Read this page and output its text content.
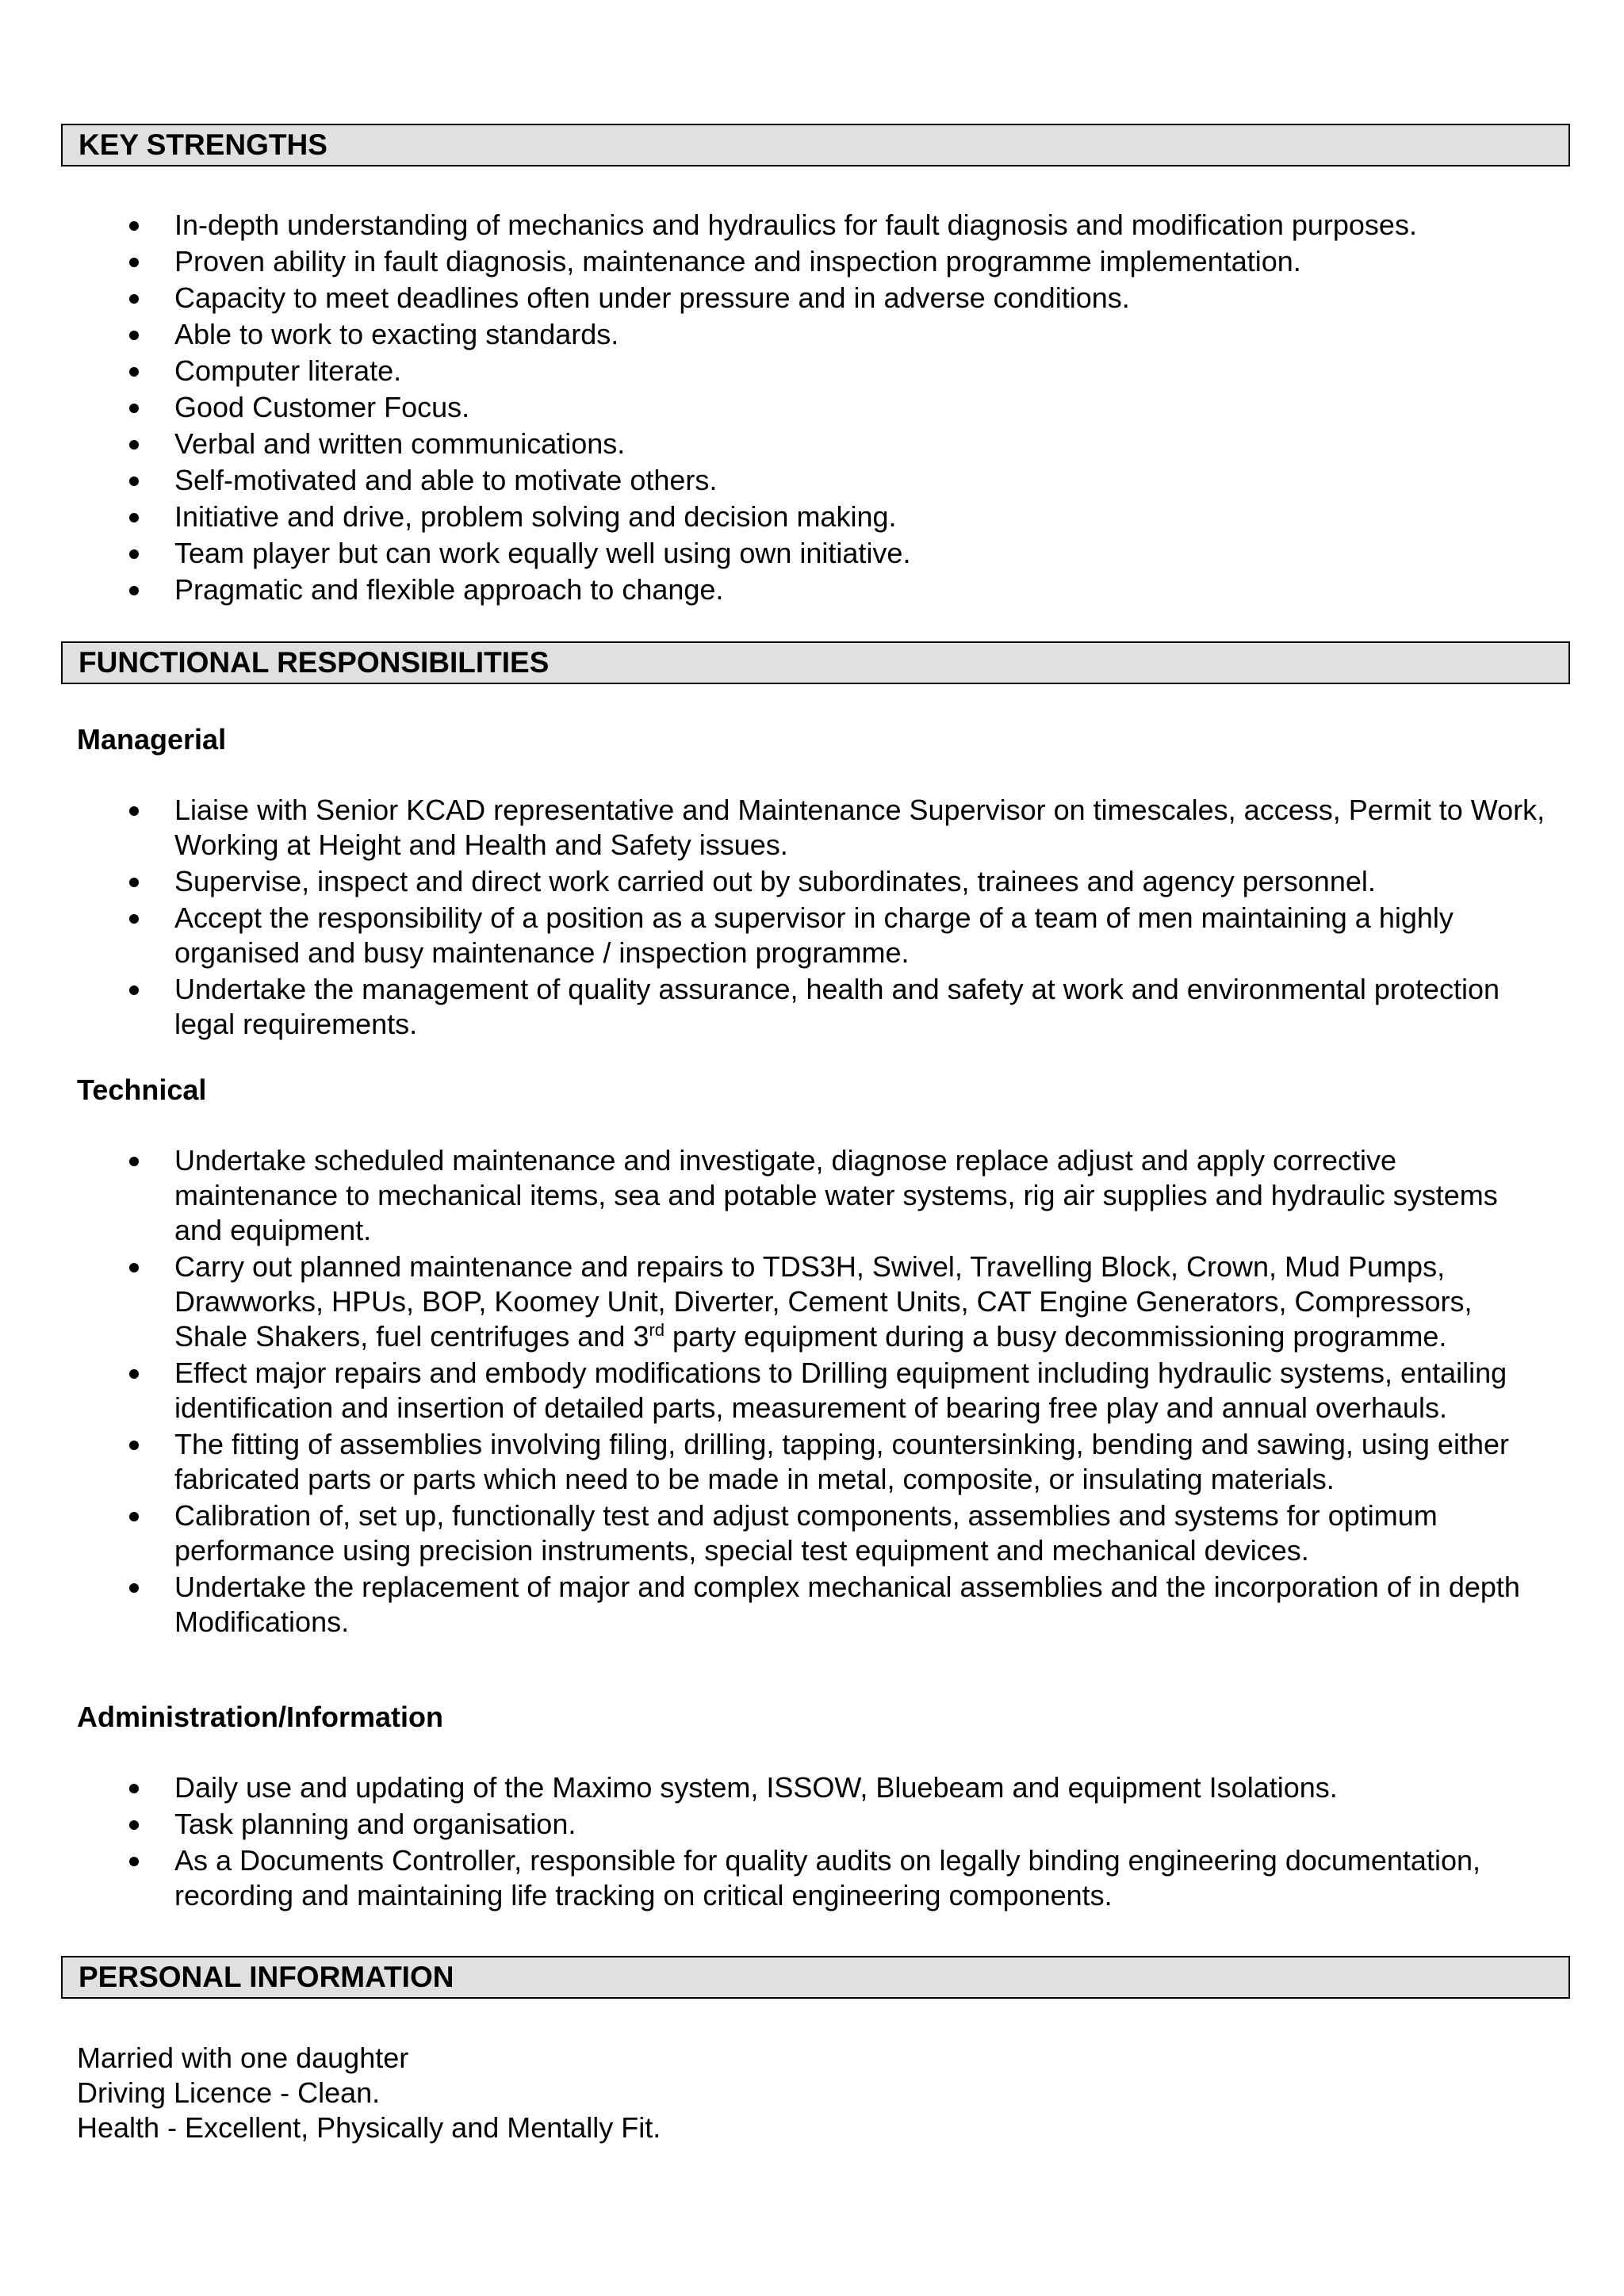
KEY STRENGTHS
In-depth understanding of mechanics and hydraulics for fault diagnosis and modification purposes.
Proven ability in fault diagnosis, maintenance and inspection programme implementation.
Capacity to meet deadlines often under pressure and in adverse conditions.
Able to work to exacting standards.
Computer literate.
Good Customer Focus.
Verbal and written communications.
Self-motivated and able to motivate others.
Initiative and drive, problem solving and decision making.
Team player but can work equally well using own initiative.
Pragmatic and flexible approach to change.
FUNCTIONAL RESPONSIBILITIES
Managerial
Liaise with Senior KCAD representative and Maintenance Supervisor on timescales, access, Permit to Work, Working at Height and Health and Safety issues.
Supervise, inspect and direct work carried out by subordinates, trainees and agency personnel.
Accept the responsibility of a position as a supervisor in charge of a team of men maintaining a highly organised and busy maintenance / inspection programme.
Undertake the management of quality assurance, health and safety at work and environmental protection legal requirements.
Technical
Undertake scheduled maintenance and investigate, diagnose replace adjust and apply corrective maintenance to mechanical items, sea and potable water systems, rig air supplies and hydraulic systems and equipment.
Carry out planned maintenance and repairs to TDS3H, Swivel, Travelling Block, Crown, Mud Pumps, Drawworks, HPUs, BOP, Koomey Unit, Diverter, Cement Units, CAT Engine Generators, Compressors, Shale Shakers, fuel centrifuges and 3rd party equipment during a busy decommissioning programme.
Effect major repairs and embody modifications to Drilling equipment including hydraulic systems, entailing identification and insertion of detailed parts, measurement of bearing free play and annual overhauls.
The fitting of assemblies involving filing, drilling, tapping, countersinking, bending and sawing, using either fabricated parts or parts which need to be made in metal, composite, or insulating materials.
Calibration of, set up, functionally test and adjust components, assemblies and systems for optimum performance using precision instruments, special test equipment and mechanical devices.
Undertake the replacement of major and complex mechanical assemblies and the incorporation of in depth Modifications.
Administration/Information
Daily use and updating of the Maximo system, ISSOW, Bluebeam and equipment Isolations.
Task planning and organisation.
As a Documents Controller, responsible for quality audits on legally binding engineering documentation, recording and maintaining life tracking on critical engineering components.
PERSONAL INFORMATION
Married with one daughter
Driving Licence - Clean.
Health - Excellent, Physically and Mentally Fit.
